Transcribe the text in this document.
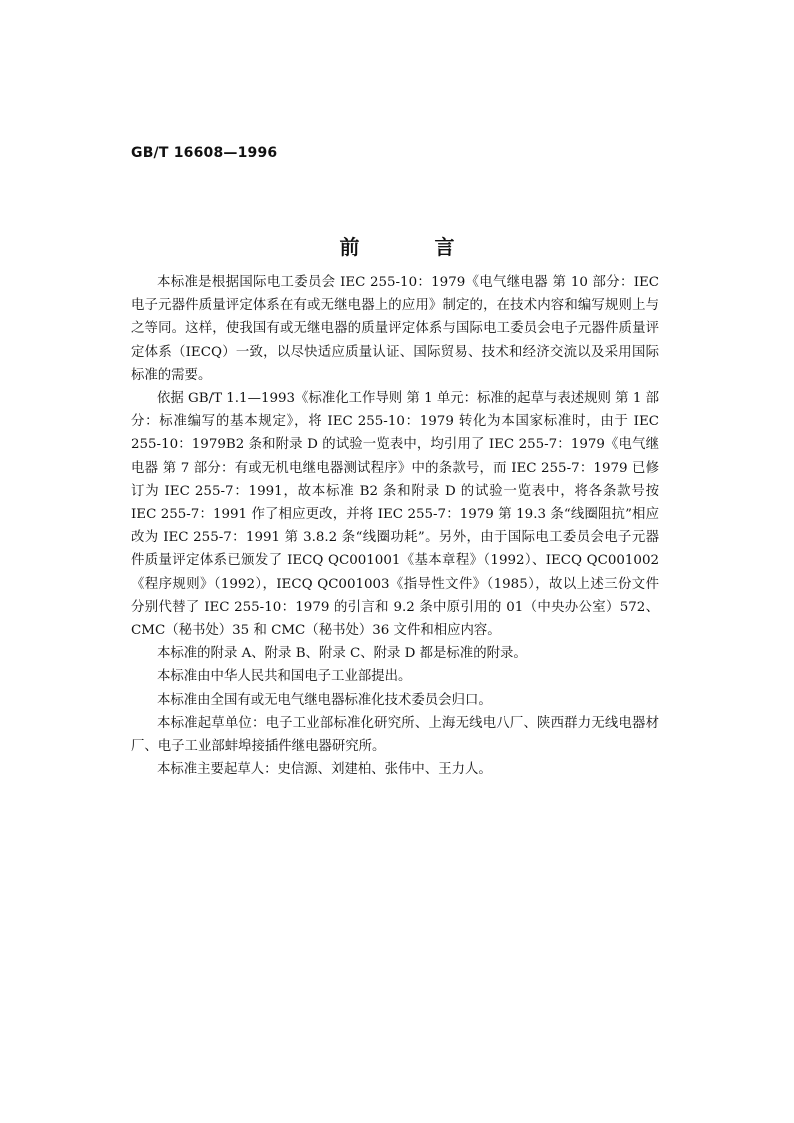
GB/T 16608—1996
前 言

本标准是根据国际电工委员会 IEC 255-10：1979《电气继电器 第 10 部分：IEC 电子元器件质量评定体系在有或无继电器上的应用》制定的，在技术内容和编写规则上与之等同。这样，使我国有或无继电器的质量评定体系与国际电工委员会电子元器件质量评定体系（IECQ）一致，以尽快适应质量认证、国际贸易、技术和经济交流以及采用国际标准的需要。

依据 GB/T 1.1—1993《标准化工作导则 第 1 单元：标准的起草与表述规则 第 1 部分：标准编写的基本规定》，将 IEC 255-10：1979 转化为本国家标准时，由于 IEC 255-10：1979B2 条和附录 D 的试验一览表中，均引用了 IEC 255-7：1979《电气继电器 第 7 部分：有或无机电继电器测试程序》中的条款号，而 IEC 255-7：1979 已修订为 IEC 255-7：1991，故本标准 B2 条和附录 D 的试验一览表中，将各条款号按 IEC 255-7：1991 作了相应更改，并将 IEC 255-7：1979 第 19.3 条“线圈阻抗”相应改为 IEC 255-7：1991 第 3.8.2 条“线圈功耗”。另外，由于国际电工委员会电子元器件质量评定体系已颁发了 IECQ QC001001《基本章程》（1992）、IECQ QC001002《程序规则》（1992），IECQ QC001003《指导性文件》（1985），故以上述三份文件分别代替了 IEC 255-10：1979 的引言和 9.2 条中原引用的 01（中央办公室）572、CMC（秘书处）35 和 CMC（秘书处）36 文件和相应内容。

本标准的附录 A、附录 B、附录 C、附录 D 都是标准的附录。

本标准由中华人民共和国电子工业部提出。

本标准由全国有或无电气继电器标准化技术委员会归口。

本标准起草单位：电子工业部标准化研究所、上海无线电八厂、陕西群力无线电器材厂、电子工业部蚌埠接插件继电器研究所。

本标准主要起草人：史信源、刘建柏、张伟中、王力人。
